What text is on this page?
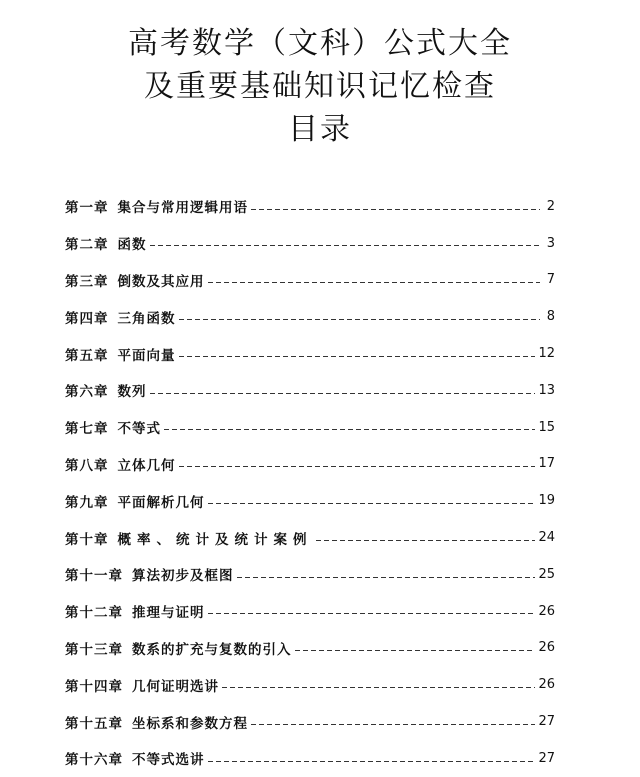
高考数学（文科）公式大全
及重要基础知识记忆检查
目录
第一章 集合与常用逻辑用语	2
第二章 函数	3
第三章 倒数及其应用	7
第四章 三角函数	8
第五章 平面向量	12
第六章 数列	13
第七章 不等式	15
第八章 立体几何	17
第九章 平面解析几何	19
第十章 概率、统计及统计案例	24
第十一章 算法初步及框图	25
第十二章 推理与证明	26
第十三章 数系的扩充与复数的引入	26
第十四章 几何证明选讲	26
第十五章 坐标系和参数方程	27
第十六章 不等式选讲	27
